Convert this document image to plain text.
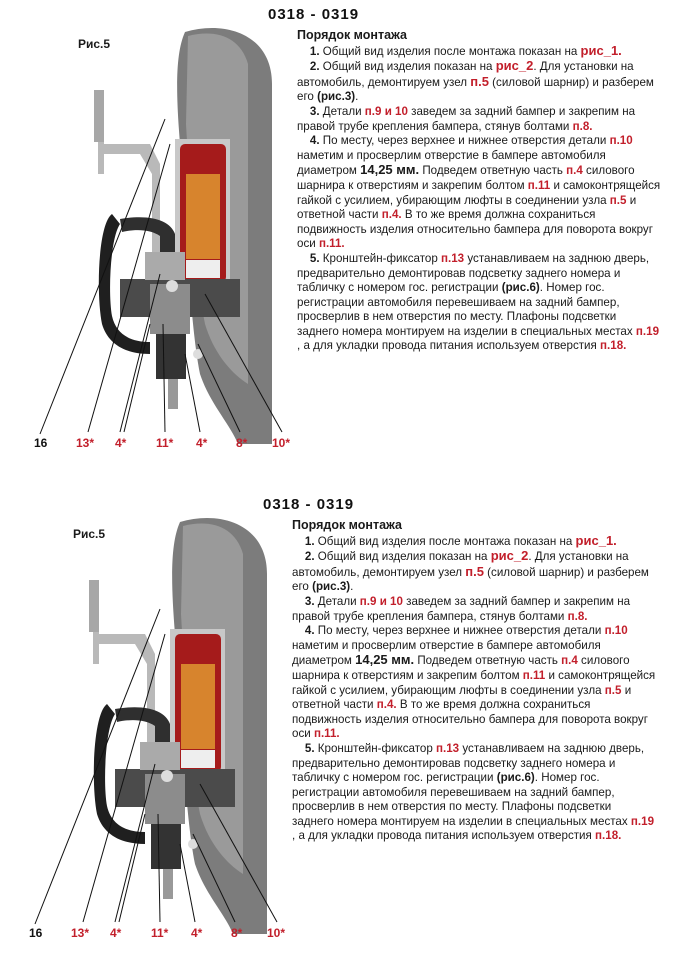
0318 - 0319
Рис.5
Порядок монтажа

1. Общий вид изделия после монтажа показан на рис_1.

2. Общий вид изделия показан на рис_2. Для установки на автомобиль, демонтируем узел п.5 (силовой шарнир) и разберем его (рис.3).

3. Детали п.9 и 10 заведем за задний бампер и закрепим на правой трубе крепления бампера, стянув болтами п.8.

4. По месту, через верхнее и нижнее отверстия детали п.10 наметим и просверлим отверстие в бампере автомобиля диаметром 14,25 мм. Подведем ответную часть п.4 силового шарнира к отверстиям и закрепим болтом п.11 и самоконтрящейся гайкой с усилием, убирающим люфты в соединении узла п.5 и ответной части п.4. В то же время должна сохраниться подвижность изделия относительно бампера для поворота вокруг оси п.11.

5. Кронштейн-фиксатор п.13 устанавливаем на заднюю дверь, предварительно демонтировав подсветку заднего номера и табличку с номером гос. регистрации (рис.6). Номер гос. регистрации автомобиля перевешиваем на задний бампер, просверлив в нем отверстия по месту. Плафоны подсветки заднего номера монтируем на изделии в специальных местах п.19 , а для укладки провода питания используем отверстия п.18.

16 13* 4* 11* 4* 8* 10*
0318 - 0319
Рис.5
Порядок монтажа

1. Общий вид изделия после монтажа показан на рис_1.

2. Общий вид изделия показан на рис_2. Для установки на автомобиль, демонтируем узел п.5 (силовой шарнир) и разберем его (рис.3).

3. Детали п.9 и 10 заведем за задний бампер и закрепим на правой трубе крепления бампера, стянув болтами п.8.

4. По месту, через верхнее и нижнее отверстия детали п.10 наметим и просверлим отверстие в бампере автомобиля диаметром 14,25 мм. Подведем ответную часть п.4 силового шарнира к отверстиям и закрепим болтом п.11 и самоконтрящейся гайкой с усилием, убирающим люфты в соединении узла п.5 и ответной части п.4. В то же время должна сохраниться подвижность изделия относительно бампера для поворота вокруг оси п.11.

5. Кронштейн-фиксатор п.13 устанавливаем на заднюю дверь, предварительно демонтировав подсветку заднего номера и табличку с номером гос. регистрации (рис.6). Номер гос. регистрации автомобиля перевешиваем на задний бампер, просверлив в нем отверстия по месту. Плафоны подсветки заднего номера монтируем на изделии в специальных местах п.19 , а для укладки провода питания используем отверстия п.18.

16 13* 4* 11* 4* 8* 10*
